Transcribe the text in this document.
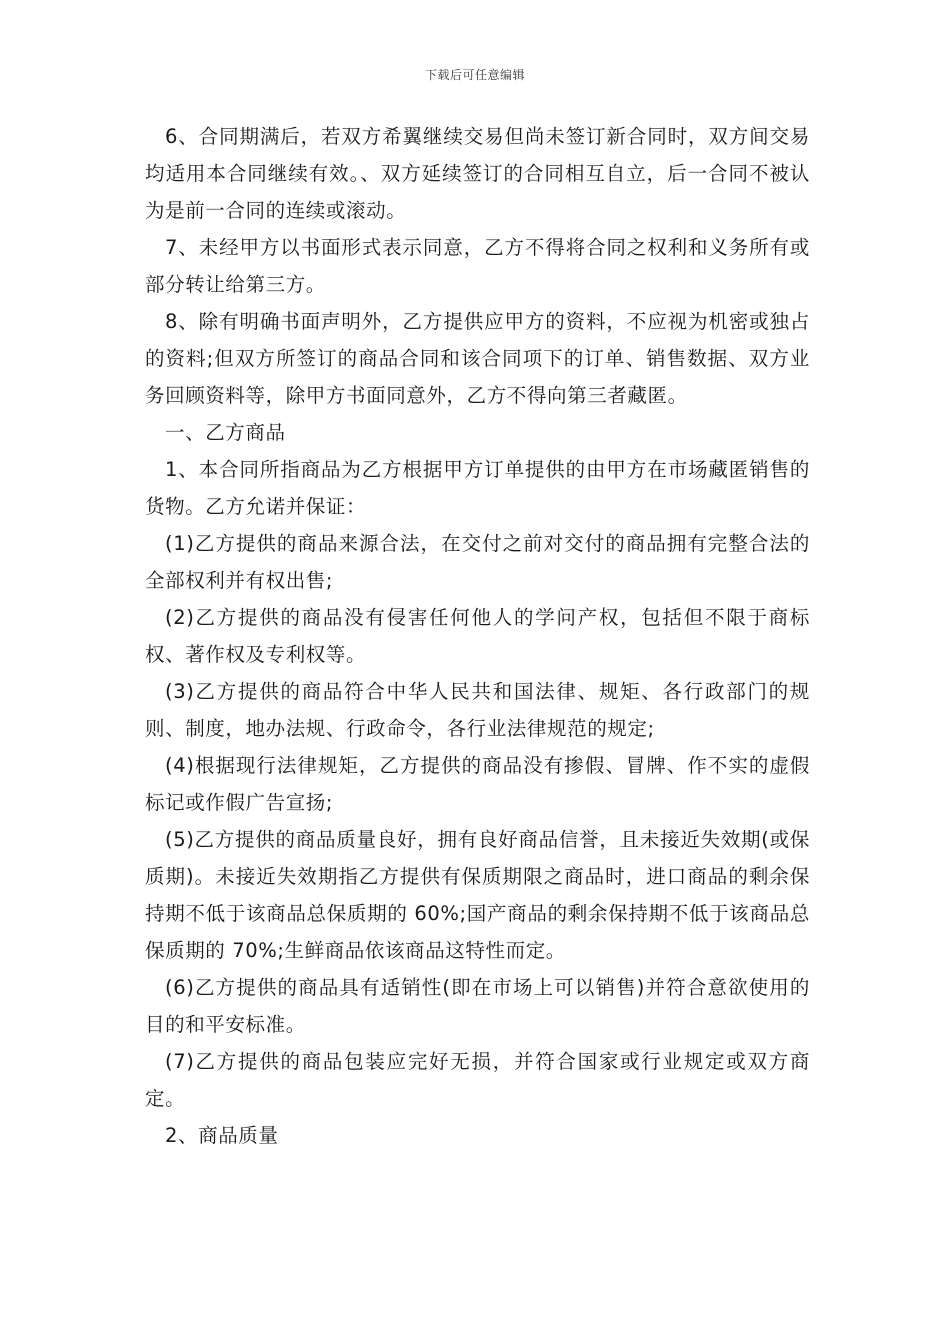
下载后可任意编辑

6、合同期满后，若双方希翼继续交易但尚未签订新合同时，双方间交易均适用本合同继续有效。、双方延续签订的合同相互自立，后一合同不被认为是前一合同的连续或滚动。

7、未经甲方以书面形式表示同意，乙方不得将合同之权利和义务所有或部分转让给第三方。

8、除有明确书面声明外，乙方提供应甲方的资料，不应视为机密或独占的资料;但双方所签订的商品合同和该合同项下的订单、销售数据、双方业务回顾资料等，除甲方书面同意外，乙方不得向第三者藏匿。

一、乙方商品

1、本合同所指商品为乙方根据甲方订单提供的由甲方在市场藏匿销售的货物。乙方允诺并保证：

(1)乙方提供的商品来源合法，在交付之前对交付的商品拥有完整合法的全部权利并有权出售;

(2)乙方提供的商品没有侵害任何他人的学问产权，包括但不限于商标权、著作权及专利权等。

(3)乙方提供的商品符合中华人民共和国法律、规矩、各行政部门的规则、制度，地办法规、行政命令，各行业法律规范的规定;

(4)根据现行法律规矩，乙方提供的商品没有掺假、冒牌、作不实的虚假标记或作假广告宣扬;

(5)乙方提供的商品质量良好，拥有良好商品信誉，且未接近失效期(或保质期)。未接近失效期指乙方提供有保质期限之商品时，进口商品的剩余保持期不低于该商品总保质期的 60%;国产商品的剩余保持期不低于该商品总保质期的 70%;生鲜商品依该商品这特性而定。

(6)乙方提供的商品具有适销性(即在市场上可以销售)并符合意欲使用的目的和平安标准。

(7)乙方提供的商品包装应完好无损，并符合国家或行业规定或双方商定。

2、商品质量
